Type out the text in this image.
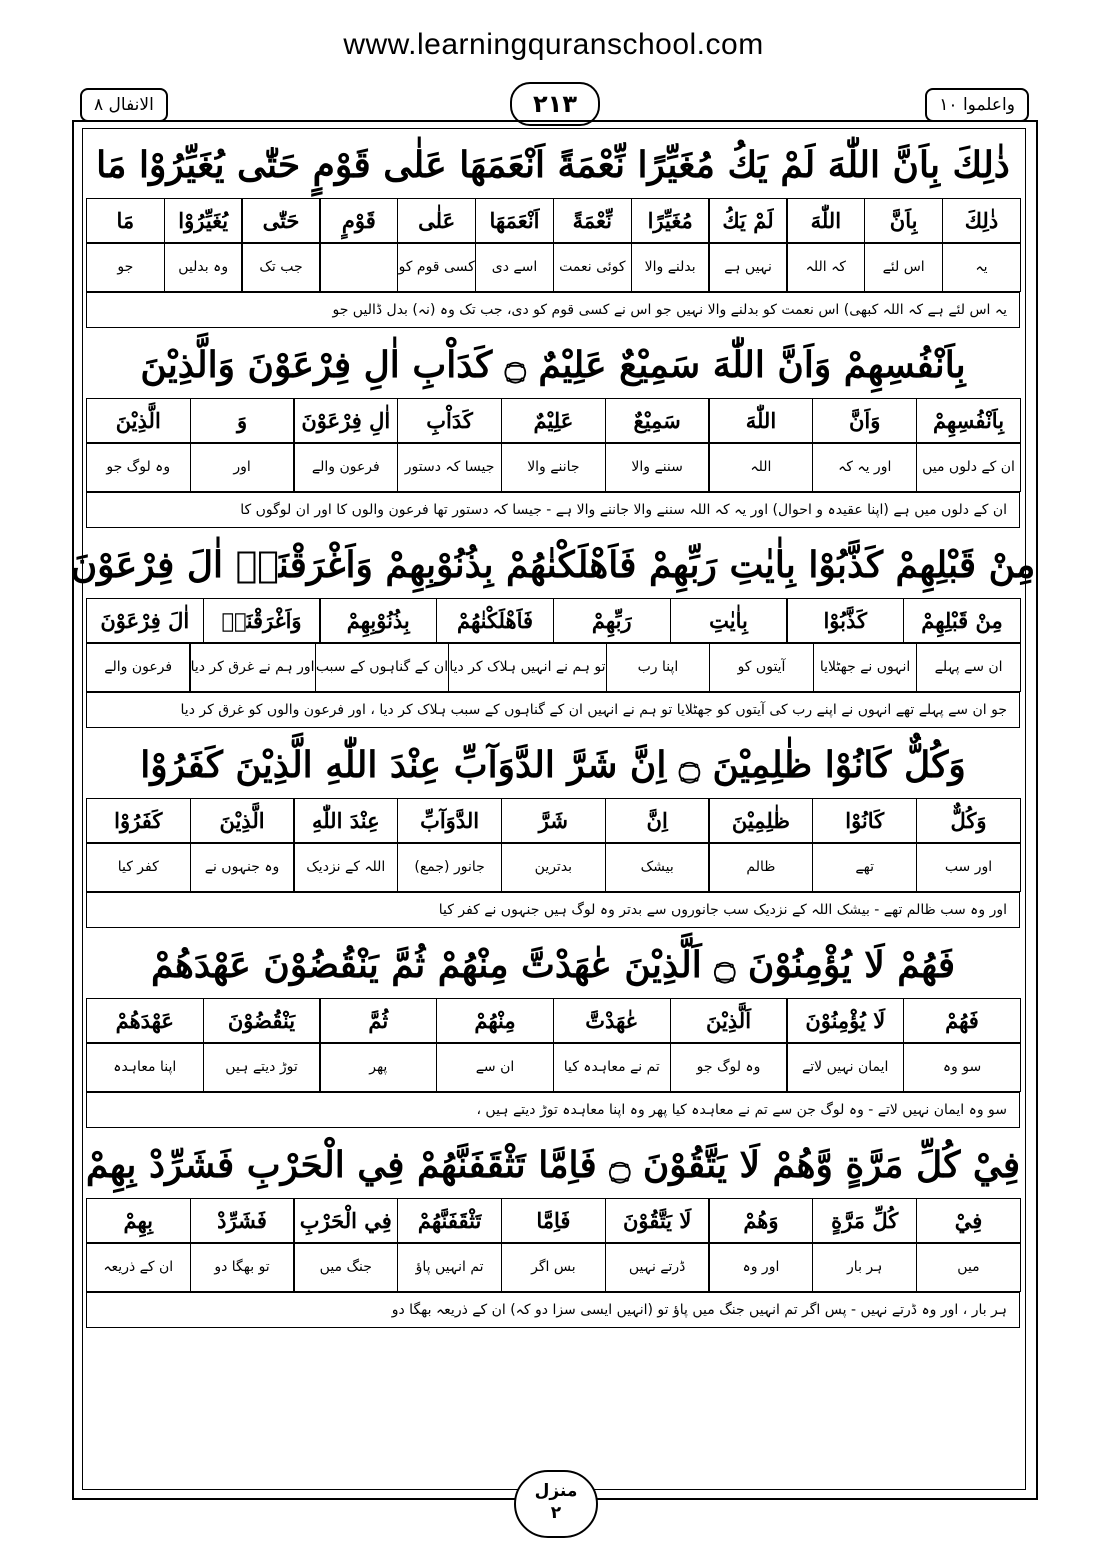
www.learningquranschool.com
الانفال ٨	۲۱۳	واعلموا ١٠
ذٰلِكَ بِاَنَّ اللّٰهَ لَمْ يَكُ مُغَيِّرًا نِّعْمَةً اَنْعَمَهَا عَلٰى قَوْمٍ حَتّٰى يُغَيِّرُوْا مَا
ذٰلِكَ
بِاَنَّ
اللّٰهَ
لَمْ يَكُ
مُغَيِّرًا
نِّعْمَةً
اَنْعَمَهَا
عَلٰى
قَوْمٍ
حَتّٰى
يُغَيِّرُوْا
مَا
یہ
اس لئے
کہ اللہ
نہیں ہے
بدلنے والا
کوئی نعمت
اسے دی
کسی قوم کو
جب تک
وہ بدلیں
جو
یہ اس لئے ہے کہ اللہ کبھی) اس نعمت کو بدلنے والا نہیں جو اس نے کسی قوم کو دی، جب تک وہ (نہ) بدل ڈالیں جو
بِاَنْفُسِهِمْ وَاَنَّ اللّٰهَ سَمِيْعٌ عَلِيْمٌ ۝ كَدَاْبِ اٰلِ فِرْعَوْنَ وَالَّذِيْنَ
بِاَنْفُسِهِمْ
وَاَنَّ
اللّٰهَ
سَمِيْعٌ
عَلِيْمٌ
كَدَاْبِ
اٰلِ فِرْعَوْنَ
وَ
الَّذِيْنَ
ان کے دلوں میں
اور یہ کہ
اللہ
سننے والا
جاننے والا
جیسا کہ دستور
فرعون والے
اور
وہ لوگ جو
ان کے دلوں میں ہے (اپنا عقیدہ و احوال) اور یہ کہ اللہ سننے والا جاننے والا ہے - جیسا کہ دستور تھا فرعون والوں کا اور ان لوگوں کا
مِنْ قَبْلِهِمْ كَذَّبُوْا بِاٰيٰتِ رَبِّهِمْ فَاَهْلَكْنٰهُمْ بِذُنُوْبِهِمْ وَاَغْرَقْنَاۤ اٰلَ فِرْعَوْنَ
مِنْ قَبْلِهِمْ
كَذَّبُوْا
بِاٰيٰتِ
رَبِّهِمْ
فَاَهْلَكْنٰهُمْ
بِذُنُوْبِهِمْ
وَاَغْرَقْنَاۤ
اٰلَ فِرْعَوْنَ
ان سے پہلے
انہوں نے جھٹلایا
آیتوں کو
اپنا رب
تو ہم نے انہیں ہلاک کر دیا
ان کے گناہوں کے سبب
اور ہم نے غرق کر دیا
فرعون والے
جو ان سے پہلے تھے انہوں نے اپنے رب کی آیتوں کو جھٹلایا تو ہم نے انہیں ان کے گناہوں کے سبب ہلاک کر دیا ، اور فرعون والوں کو غرق کر دیا
وَكُلٌّ كَانُوْا ظٰلِمِيْنَ ۝ اِنَّ شَرَّ الدَّوَآبِّ عِنْدَ اللّٰهِ الَّذِيْنَ كَفَرُوْا
وَكُلٌّ
كَانُوْا
ظٰلِمِيْنَ
اِنَّ
شَرَّ
الدَّوَآبِّ
عِنْدَ اللّٰهِ
الَّذِيْنَ
كَفَرُوْا
اور سب
تھے
ظالم
بیشک
بدترین
جانور (جمع)
اللہ کے نزدیک
وہ جنہوں نے
کفر کیا
اور وہ سب ظالم تھے - بیشک اللہ کے نزدیک سب جانوروں سے بدتر وہ لوگ ہیں جنہوں نے کفر کیا
فَهُمْ لَا يُؤْمِنُوْنَ ۝ اَلَّذِيْنَ عٰهَدْتَّ مِنْهُمْ ثُمَّ يَنْقُضُوْنَ عَهْدَهُمْ
فَهُمْ
لَا يُؤْمِنُوْنَ
اَلَّذِيْنَ
عٰهَدْتَّ
مِنْهُمْ
ثُمَّ
يَنْقُضُوْنَ
عَهْدَهُمْ
سو وہ
ایمان نہیں لاتے
وہ لوگ جو
تم نے معاہدہ کیا
ان سے
پھر
توڑ دیتے ہیں
اپنا معاہدہ
سو وہ ایمان نہیں لاتے - وہ لوگ جن سے تم نے معاہدہ کیا پھر وہ اپنا معاہدہ توڑ دیتے ہیں ،
فِيْ كُلِّ مَرَّةٍ وَّهُمْ لَا يَتَّقُوْنَ ۝ فَاِمَّا تَثْقَفَنَّهُمْ فِي الْحَرْبِ فَشَرِّدْ بِهِمْ
فِيْ
كُلِّ مَرَّةٍ
وَهُمْ
لَا يَتَّقُوْنَ
فَاِمَّا
تَثْقَفَنَّهُمْ
فِي الْحَرْبِ
فَشَرِّدْ
بِهِمْ
میں
ہر بار
اور وہ
ڈرتے نہیں
بس اگر
تم انہیں پاؤ
جنگ میں
تو بھگا دو
ان کے ذریعہ
ہر بار ، اور وہ ڈرتے نہیں - پس اگر تم انہیں جنگ میں پاؤ تو (انہیں ایسی سزا دو کہ) ان کے ذریعہ بھگا دو
منزل
٢
